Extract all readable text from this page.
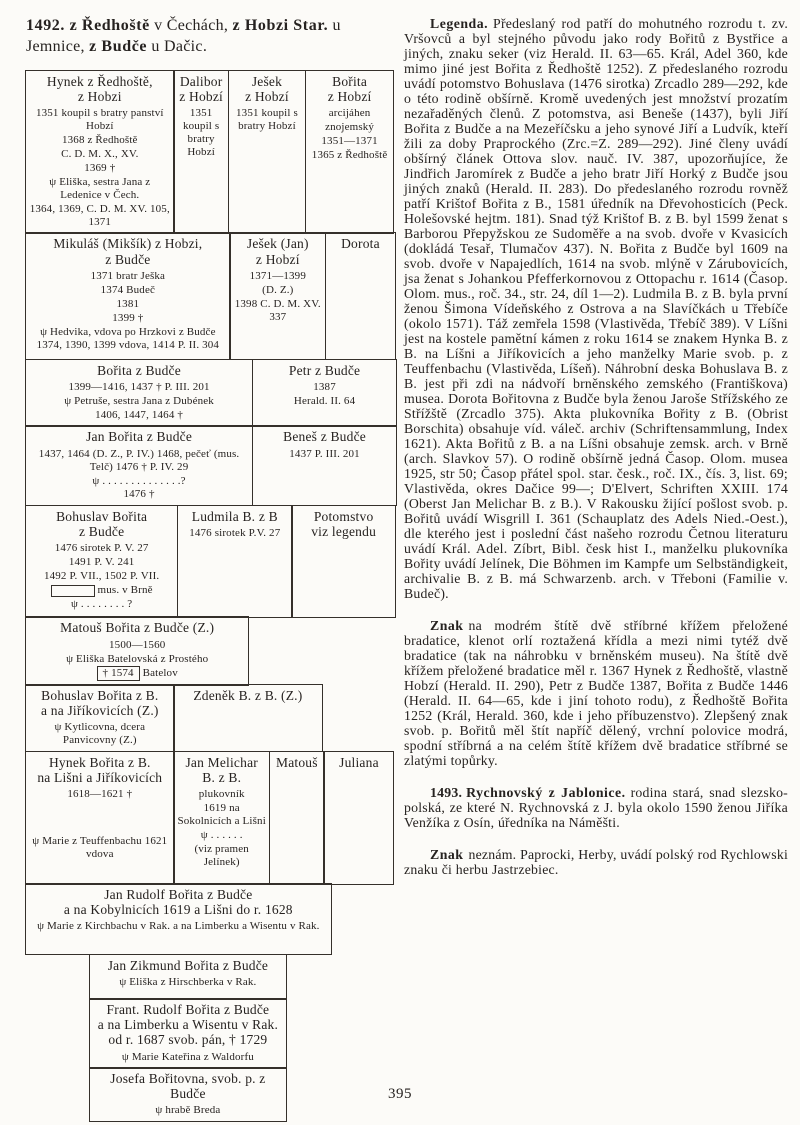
1492. z Ředhoště v Čechách, z Hobzi Star. u Jemnice, z Budče u Dačic.
Hynek z Ředhoště,
z Hobzi
1351 koupil s bratry panství Hobzí
1368 z Ředhoště
C. D. M. X., XV.
1369 †
ψ Eliška, sestra Jana z Ledenice v Čech.
1364, 1369, C. D. M. XV. 105, 1371
Dalibor
z Hobzí
1351 koupil s bratry Hobzí
Ješek
z Hobzí
1351 koupil s bratry Hobzí
Bořita
z Hobzí
arcijáhen
znojemský
1351—1371
1365 z Ředhoště
Mikuláš (Mikšík) z Hobzi,
z Budče
1371 bratr Ješka
1374 Budeč
1381
1399 †
ψ Hedvika, vdova po Hrzkovi z Budče 1374, 1390, 1399 vdova, 1414 P. II. 304
Ješek (Jan)
z Hobzí
1371—1399
(D. Z.)
1398 C. D. M. XV. 337
Dorota
Bořita z Budče
1399—1416, 1437 † P. III. 201
ψ Petruše, sestra Jana z Dubének
1406, 1447, 1464 †
Petr z Budče
1387
Herald. II. 64
Jan Bořita z Budče
1437, 1464 (D. Z., P. IV.) 1468, pečeť (mus. Telč) 1476 † P. IV. 29
ψ . . . . . . . . . . . . . .?
1476 †
Beneš z Budče
1437 P. III. 201
Bohuslav Bořita
z Budče
1476 sirotek P. V. 27
1491 P. V. 241
1492 P. VII., 1502 P. VII.
mus. v Brně
ψ . . . . . . . . ?
Ludmila B. z B
1476 sirotek P.V. 27
Potomstvo
viz legendu
Matouš Bořita z Budče (Z.)
1500—1560
ψ Eliška Batelovská z Prostého
† 1574 Batelov
Bohuslav Bořita z B.
a na Jiříkovicích (Z.)
ψ Kytlicovna, dcera Panvicovny (Z.)
Zdeněk B. z B. (Z.)
Hynek Bořita z B.
na Lišni a Jiříkovicích
1618—1621 †
ψ Marie z Teuffenbachu 1621 vdova
Jan Melichar
B. z B.
plukovník
1619 na Sokolnicích a Lišni
ψ . . . . . .
(viz pramen Jelínek)
Matouš	Juliana
Jan Rudolf Bořita z Budče
a na Kobylnicích 1619 a Lišni do r. 1628
ψ Marie z Kirchbachu v Rak. a na Limberku a Wisentu v Rak.
Jan Zikmund Bořita z Budče
ψ Eliška z Hirschberka v Rak.
Frant. Rudolf Bořita z Budče
a na Limberku a Wisentu v Rak.
od r. 1687 svob. pán, † 1729
ψ Marie Kateřina z Waldorfu
Josefa Bořitovna, svob. p. z Budče
ψ hrabě Breda

Legenda. Předeslaný rod patří do mohutného rozrodu t. zv. Vršovců a byl stejného původu jako rody Bořitů z Bystřice a jiných, znaku seker (viz Herald. II. 63—65. Král, Adel 360, kde mimo jiné jest Bořita z Ředhoště 1252). Z předeslaného rozrodu uvádí potomstvo Bohuslava (1476 sirotka) Zrcadlo 289—292, kde o této rodině obšírně. Kromě uvedených jest množství prozatím nezařaděných členů. Z potomstva, asi Beneše (1437), byli Jiří Bořita z Budče a na Mezeříčsku a jeho synové Jiří a Ludvík, kteří žili za doby Praprockého (Zrc.=Z. 289—292). Jiné členy uvádí obšírný článek Ottova slov. nauč. IV. 387, upozorňujíce, že Jindřich Jaromírek z Budče a jeho bratr Jiří Horký z Budče jsou jiných znaků (Herald. II. 283). Do předeslaného rozrodu rovněž patří Krištof Bořita z B., 1581 úředník na Dřevohosticích (Peck. Holešovské hejtm. 181). Snad týž Krištof B. z B. byl 1599 ženat s Barborou Přepyžskou ze Sudoměře a na svob. dvoře v Kvasicích (dokládá Tesař, Tlumačov 437). N. Bořita z Budče byl 1609 na svob. dvoře v Napajedlích, 1614 na svob. mlýně v Zárubovicích, jsa ženat s Johankou Pfefferkornovou z Ottopachu r. 1614 (Časop. Olom. mus., roč. 34., str. 24, díl 1—2). Ludmila B. z B. byla první ženou Šimona Vídeňského z Ostrova a na Slavíčkách u Třebíče (okolo 1571). Táž zemřela 1598 (Vlastivěda, Třebíč 389). V Líšni jest na kostele pamětní kámen z roku 1614 se znakem Hynka B. z B. na Líšni a Jiříkovicích a jeho manželky Marie svob. p. z Teuffenbachu (Vlastivěda, Líšeň). Náhrobní deska Bohuslava B. z B. jest při zdi na nádvoří brněnského zemského (Františkova) musea. Dorota Bořitovna z Budče byla ženou Jaroše Střížského ze Střížště (Zrcadlo 375). Akta plukovníka Bořity z B. (Obrist Borschita) obsahuje víd. váleč. archiv (Schriftensammlung, Index 1621). Akta Bořitů z B. a na Líšni obsahuje zemsk. arch. v Brně (arch. Slavkov 57). O rodině obšírně jedná Časop. Olom. musea 1925, str 50; Časop přátel spol. star. česk., roč. IX., čís. 3, list. 69; Vlastivěda, okres Dačice 99—; D'Elvert, Schriften XXIII. 174 (Oberst Jan Melichar B. z B.). V Rakousku žijící pošlost svob. p. Bořitů uvádí Wisgrill I. 361 (Schauplatz des Adels Nied.-Oest.), dle kterého jest i poslední část našeho rozrodu Četnou literaturu uvádí Král. Adel. Zíbrt, Bibl. česk hist I., manželku plukovníka Bořity uvádí Jelínek, Die Böhmen im Kampfe um Selbständigkeit, archivalie B. z B. má Schwarzenb. arch. v Třeboni (Familie v. Budeč).

Znak na modrém štítě dvě stříbrné křížem přeložené bradatice, klenot orlí roztažená křídla a mezi nimi tytéž dvě bradatice (tak na náhrobku v brněnském museu). Na štítě dvě křížem přeložené bradatice měl r. 1367 Hynek z Ředhoště, vlastně Hobzí (Herald. II. 290), Petr z Budče 1387, Bořita z Budče 1446 (Herald. II. 64—65, kde i jiní tohoto rodu), z Ředhoště Bořita 1252 (Král, Herald. 360, kde i jeho příbuzenstvo). Zlepšený znak svob. p. Bořitů měl štít napříč dělený, vrchní polovice modrá, spodní stříbrná a na celém štítě křížem dvě bradatice stříbrné se zlatými topůrky.

1493. Rychnovský z Jablonice. rodina stará, snad slezsko-polská, ze které N. Rychnovská z J. byla okolo 1590 ženou Jiříka Venžíka z Osín, úředníka na Náměšti.

Znak neznám. Paprocki, Herby, uvádí polský rod Rychlowski znaku či herbu Jastrzebiec.

395
